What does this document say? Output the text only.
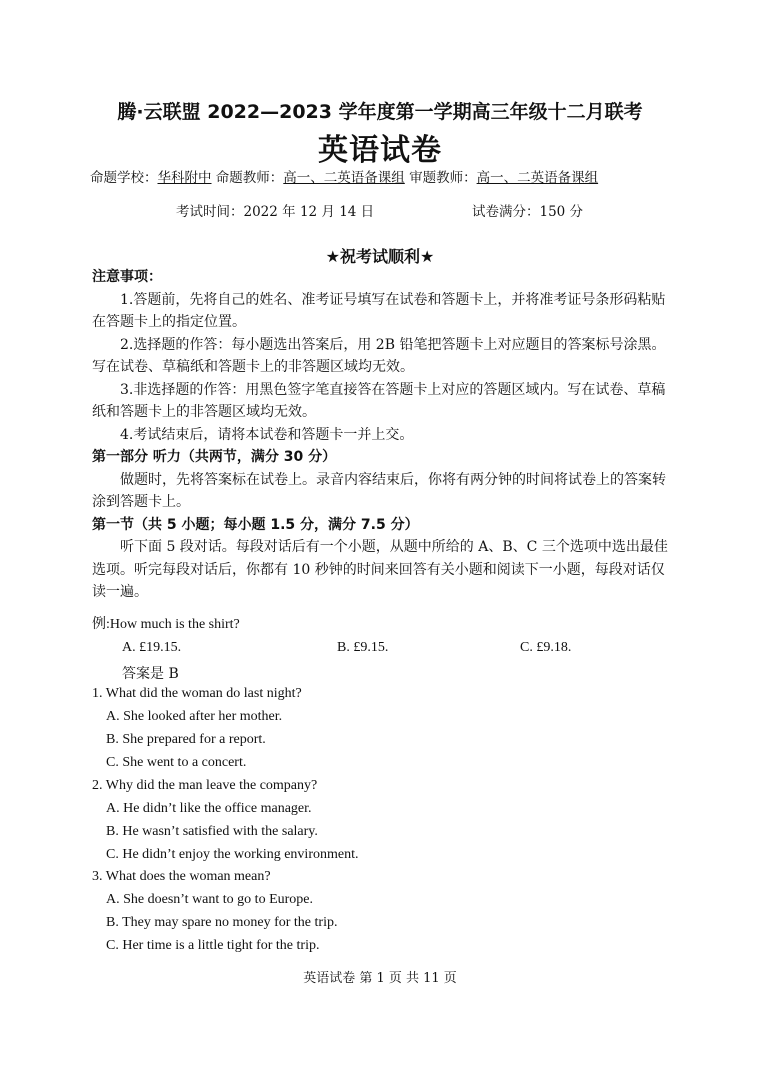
腾·云联盟 2022—2023 学年度第一学期高三年级十二月联考
英语试卷
命题学校：华科附中 命题教师：高一、二英语备课组 审题教师：高一、二英语备课组
考试时间：2022 年 12 月 14 日	试卷满分：150 分
★祝考试顺利★

注意事项：

1.答题前，先将自己的姓名、准考证号填写在试卷和答题卡上，并将准考证号条形码粘贴在答题卡上的指定位置。

2.选择题的作答：每小题选出答案后，用 2B 铅笔把答题卡上对应题目的答案标号涂黑。写在试卷、草稿纸和答题卡上的非答题区域均无效。

3.非选择题的作答：用黑色签字笔直接答在答题卡上对应的答题区域内。写在试卷、草稿纸和答题卡上的非答题区域均无效。

4.考试结束后，请将本试卷和答题卡一并上交。

第一部分 听力（共两节，满分 30 分）

做题时，先将答案标在试卷上。录音内容结束后，你将有两分钟的时间将试卷上的答案转涂到答题卡上。

第一节（共 5 小题；每小题 1.5 分，满分 7.5 分）

听下面 5 段对话。每段对话后有一个小题，从题中所给的 A、B、C 三个选项中选出最佳选项。听完每段对话后，你都有 10 秒钟的时间来回答有关小题和阅读下一小题，每段对话仅读一遍。

例:How much is the shirt?
A. £19.15.	B. £9.15.	C. £9.18.
答案是 B
1. What did the woman do last night?
A. She looked after her mother.
B. She prepared for a report.
C. She went to a concert.
2. Why did the man leave the company?
A. He didn’t like the office manager.
B. He wasn’t satisfied with the salary.
C. He didn’t enjoy the working environment.
3. What does the woman mean?
A. She doesn’t want to go to Europe.
B. They may spare no money for the trip.
C. Her time is a little tight for the trip.
英语试卷 第 1 页 共 11 页
